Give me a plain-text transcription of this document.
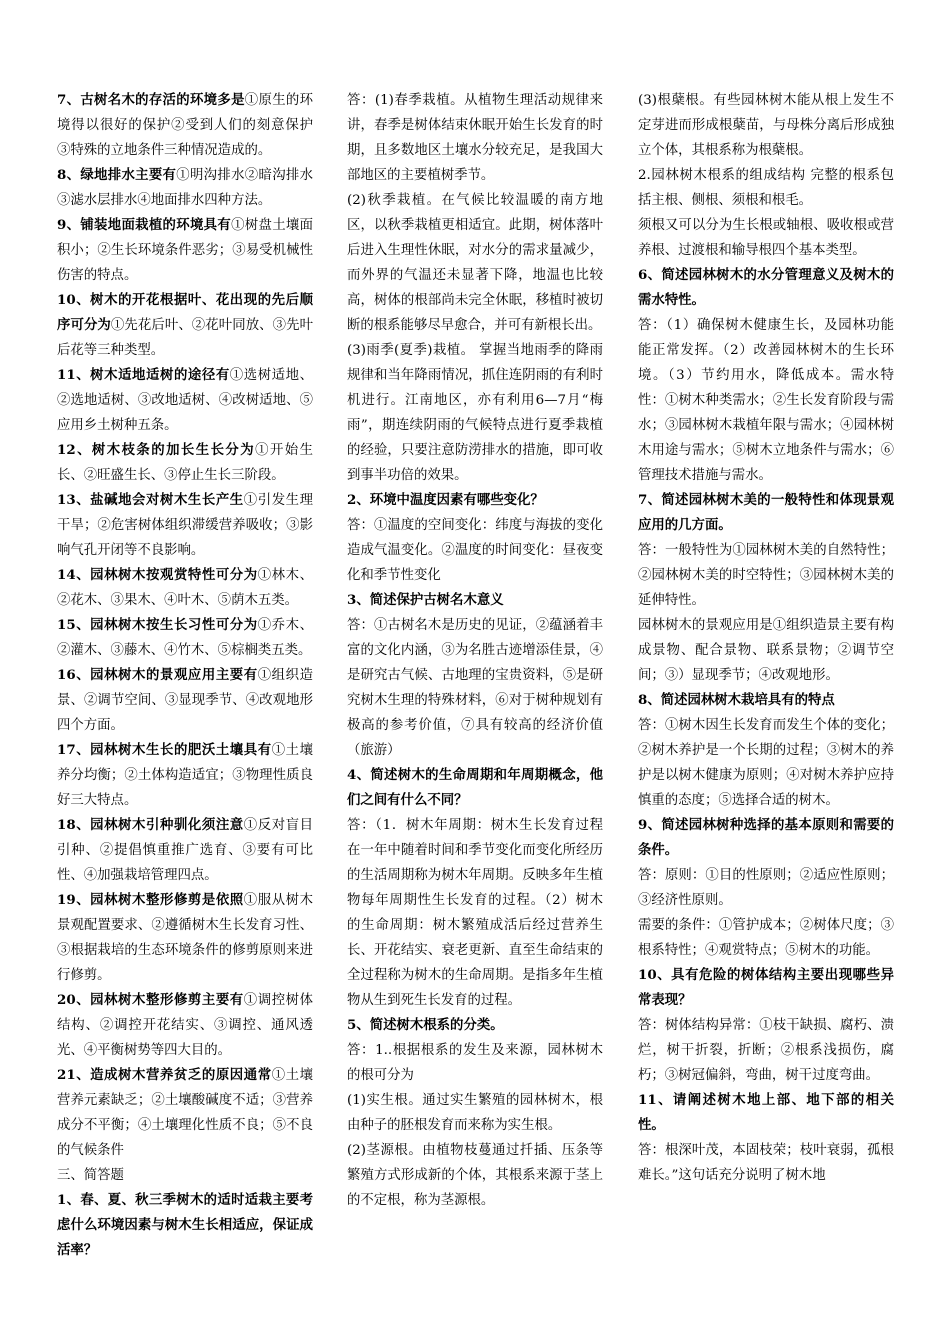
7、古树名木的存活的环境多是①原生的环境得以很好的保护②受到人们的刻意保护 ③特殊的立地条件三种情况造成的。

8、绿地排水主要有①明沟排水②暗沟排水③滤水层排水④地面排水四种方法。

9、铺装地面栽植的环境具有①树盘土壤面积小；②生长环境条件恶劣；③易受机械性伤害的特点。

10、树木的开花根据叶、花出现的先后顺序可分为①先花后叶、②花叶同放、③先叶后花等三种类型。

11、树木适地适树的途径有①选树适地、②选地适树、③改地适树、④改树适地、⑤应用乡土树种五条。

12、树木枝条的加长生长分为①开始生长、②旺盛生长、③停止生长三阶段。

13、盐碱地会对树木生长产生①引发生理干旱；②危害树体组织滞缓营养吸收；③影响气孔开闭等不良影响。

14、园林树木按观赏特性可分为①林木、②花木、③果木、④叶木、⑤荫木五类。

15、园林树木按生长习性可分为①乔木、②灌木、③藤木、④竹木、⑤棕榈类五类。

16、园林树木的景观应用主要有①组织造景、②调节空间、③显现季节、④改观地形四个方面。

17、园林树木生长的肥沃土壤具有①土壤养分均衡；②土体构造适宜；③物理性质良好三大特点。

18、园林树木引种驯化须注意①反对盲目引种、②提倡慎重推广选育、③要有可比性、④加强栽培管理四点。

19、园林树木整形修剪是依照①服从树木景观配置要求、②遵循树木生长发育习性、③根据栽培的生态环境条件的修剪原则来进行修剪。

20、园林树木整形修剪主要有①调控树体结构、②调控开花结实、③调控、通风透光、④平衡树势等四大目的。

21、造成树木营养贫乏的原因通常①土壤营养元素缺乏；②土壤酸碱度不适；③营养成分不平衡；④土壤理化性质不良；⑤不良的气候条件

三、简答题

1、春、夏、秋三季树木的适时适栽主要考虑什么环境因素与树木生长相适应，保证成活率？

答：(1)春季栽植。从植物生理活动规律来讲，春季是树体结束休眠开始生长发育的时期，且多数地区土壤水分较充足，是我国大部地区的主要植树季节。

(2)秋季栽植。在气候比较温暖的南方地区，以秋季栽植更相适宜。此期，树体落叶后进入生理性休眠，对水分的需求量减少，而外界的气温还未显著下降，地温也比较高，树体的根部尚未完全休眠，移植时被切断的根系能够尽早愈合，并可有新根长出。

(3)雨季(夏季)栽植。 掌握当地雨季的降雨规律和当年降雨情况，抓住连阴雨的有利时机进行。江南地区，亦有利用6—7月“梅雨”，期连续阴雨的气候特点进行夏季栽植的经验，只要注意防涝排水的措施，即可收到事半功倍的效果。

2、环境中温度因素有哪些变化？

答：①温度的空间变化：纬度与海拔的变化造成气温变化。②温度的时间变化：昼夜变化和季节性变化

3、简述保护古树名木意义

答：①古树名木是历史的见证，②蕴涵着丰富的文化内涵，③为名胜古迹增添佳景，④是研究古气候、古地理的宝贵资料，⑤是研究树木生理的特殊材料，⑥对于树种规划有极高的参考价值，⑦具有较高的经济价值（旅游）

4、简述树木的生命周期和年周期概念，他们之间有什么不同？

答：（1．树木年周期：树木生长发育过程在一年中随着时间和季节变化而变化所经历的生活周期称为树木年周期。反映多年生植物每年周期性生长发育的过程。（2）树木的生命周期：树木繁殖成活后经过营养生长、开花结实、衰老更新、直至生命结束的全过程称为树木的生命周期。是指多年生植物从生到死生长发育的过程。

5、简述树木根系的分类。

答：1..根据根系的发生及来源，园林树木的根可分为

(1)实生根。通过实生繁殖的园林树木，根由种子的胚根发育而来称为实生根。

(2)茎源根。由植物枝蔓通过扦插、压条等繁殖方式形成新的个体，其根系来源于茎上的不定根，称为茎源根。

(3)根蘖根。有些园林树木能从根上发生不定芽进而形成根蘖苗，与母株分离后形成独立个体，其根系称为根蘖根。

2.园林树木根系的组成结构 完整的根系包括主根、侧根、须根和根毛。

须根又可以分为生长根或轴根、吸收根或营养根、过渡根和输导根四个基本类型。

6、简述园林树木的水分管理意义及树木的需水特性。

答：（1）确保树木健康生长，及园林功能能正常发挥。（2）改善园林树木的生长环境。（3）节约用水，降低成本。需水特性：①树木种类需水；②生长发育阶段与需水；③园林树木栽植年限与需水；④园林树木用途与需水；⑤树木立地条件与需水；⑥管理技术措施与需水。

7、简述园林树木美的一般特性和体现景观应用的几方面。

答：一般特性为①园林树木美的自然特性；②园林树木美的时空特性；③园林树木美的延伸特性。

园林树木的景观应用是①组织造景主要有构成景物、配合景物、联系景物；②调节空间；③）显现季节；④改观地形。

8、简述园林树木栽培具有的特点

答：①树木因生长发育而发生个体的变化；②树木养护是一个长期的过程；③树木的养护是以树木健康为原则；④对树木养护应持慎重的态度；⑤选择合适的树木。

9、简述园林树种选择的基本原则和需要的条件。

答：原则：①目的性原则；②适应性原则；③经济性原则。

需要的条件：①管护成本；②树体尺度；③根系特性；④观赏特点；⑤树木的功能。

10、具有危险的树体结构主要出现哪些异常表现？

答：树体结构异常：①枝干缺损、腐朽、溃烂，树干折裂，折断；②根系浅损伤，腐朽；③树冠偏斜，弯曲，树干过度弯曲。

11、请阐述树木地上部、地下部的相关性。

答：根深叶茂，本固枝荣；枝叶衰弱，孤根难长。”这句话充分说明了树木地
